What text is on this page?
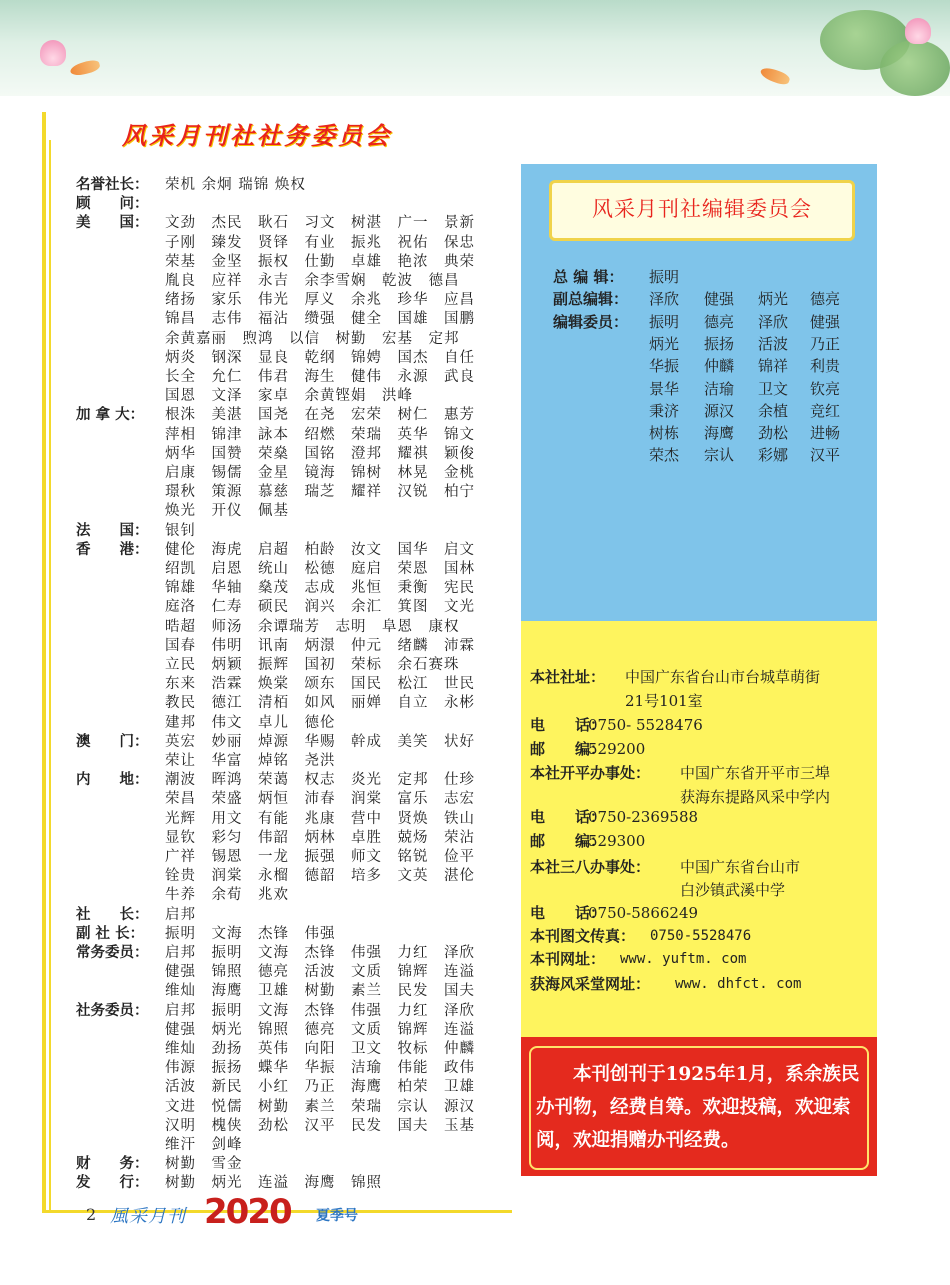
风采月刊社社务委员会
名誉社长：	荣机 余炯 瑞锦 焕权
顾　　问：
美　　国：	文劲　杰民　耿石　习文　树湛　广一　景新
子刚　臻发　贤铎　有业　振兆　祝佑　保忠
荣基　金坚　振权　仕勤　卓雄　艳浓　典荣
胤良　应祥　永吉　余李雪娴　乾波　德昌
绪扬　家乐　伟光　厚义　余兆　珍华　应昌
锦昌　志伟　福沾　缵强　健全　国雄　国鹏
余黄嘉丽　煦鸿　以信　树勤　宏基　定邦
炳炎　钢深　显良　乾纲　锦娉　国杰　自任
长全　允仁　伟君　海生　健伟　永源　武良
国恩　文泽　家卓　余黄铿娟　洪峰
加 拿 大：	根洙　美湛　国尧　在尧　宏荣　树仁　惠芳
萍相　锦津　詠本　绍燃　荣瑞　英华　锦文
炳华　国赞　荣燊　国铭　澄邦　耀祺　颖俊
启康　锡儒　金星　镜海　锦树　林晃　金桃
璟秋　策源　慕慈　瑞芝　耀祥　汉锐　柏宁
焕光　开仪　佩基
法　　国：	银钊
香　　港：	健伦　海虎　启超　柏龄　汝文　国华　启文
绍凯　启恩　统山　松德　庭启　荣恩　国林
锦雄　华轴　燊茂　志成　兆恒　秉衡　宪民
庭洛　仁寿　硕民　润兴　余汇　箕图　文光
晧超　师汤　余谭瑞芳　志明　阜恩　康权
国春　伟明　讯南　炳澋　仲元　绪麟　沛霖
立民　炳颖　振辉　国初　荣标　余石赛珠
东来　浩霖　焕棠　颂东　国民　松江　世民
教民　德江　清栢　如风　丽婵　自立　永彬
建邦　伟文　卓儿　德伦
澳　　门：	英宏　妙丽　焯源　华赐　幹成　美笑　状好
荣让　华富　焯铭　尧洪
内　　地：	潮波　晖鸿　荣蔼　权志　炎光　定邦　仕珍
荣昌　荣盛　炳恒　沛春　润棠　富乐　志宏
光辉　用文　有能　兆康　营中　贤焕　铁山
显钦　彩匀　伟韶　炳林　卓胜　兢炀　荣沾
广祥　锡恩　一龙　振强　师文　铭锐　俭平
铨贵　润棠　永榴　德韶　培多　文英　湛伦
牛养　余荀　兆欢
社　　长：	启邦
副 社 长：	振明　文海　杰锋　伟强
常务委员：	启邦　振明　文海　杰锋　伟强　力红　泽欣
健强　锦照　德亮　活波　文质　锦辉　连溢
维灿　海鹰　卫雄　树勤　素兰　民发　国夫
社务委员：	启邦　振明　文海　杰锋　伟强　力红　泽欣
健强　炳光　锦照　德亮　文质　锦辉　连溢
维灿　劲扬　英伟　向阳　卫文　牧标　仲麟
伟源　振扬　蝶华　华振　洁瑜　伟能　政伟
活波　新民　小红　乃正　海鹰　柏荣　卫雄
文进　悦儒　树勤　素兰　荣瑞　宗认　源汉
汉明　槐侠　劲松　汉平　民发　国夫　玉基
维汗　剑峰
财　　务：	树勤　雪金
发　　行：	树勤　炳光　连溢　海鹰　锦照
风采月刊社编辑委员会
总 编 辑： 振明
副总编辑： 泽欣 健强 炳光 德亮
编辑委员： 振明 德亮 泽欣 健强
炳光 振扬 活波 乃正
华振 仲麟 锦祥 利贵
景华 洁瑜 卫文 钦亮
秉济 源汉 余植 竞红
树栋 海鹰 劲松 进畅
荣杰 宗认 彩娜 汉平
本社社址： 中国广东省台山市台城草萌街
21号101室
电　　话：
0750- 5528476
邮　　编：
529200
本社开平办事处： 中国广东省开平市三埠
获海东提路风采中学内
电　　话：
0750-2369588
邮　　编：
529300
本社三八办事处： 中国广东省台山市
白沙镇武溪中学
电　　话：
0750-5866249
本刊图文传真： 0750-5528476
本刊网址： www. yuftm. com
获海风采堂网址： www. dhfct. com
本刊创刊于1925年1月，系余族民办刊物，经费自筹。欢迎投稿，欢迎索阅，欢迎捐赠办刊经费。
2 風采月刊 2020 夏季号
